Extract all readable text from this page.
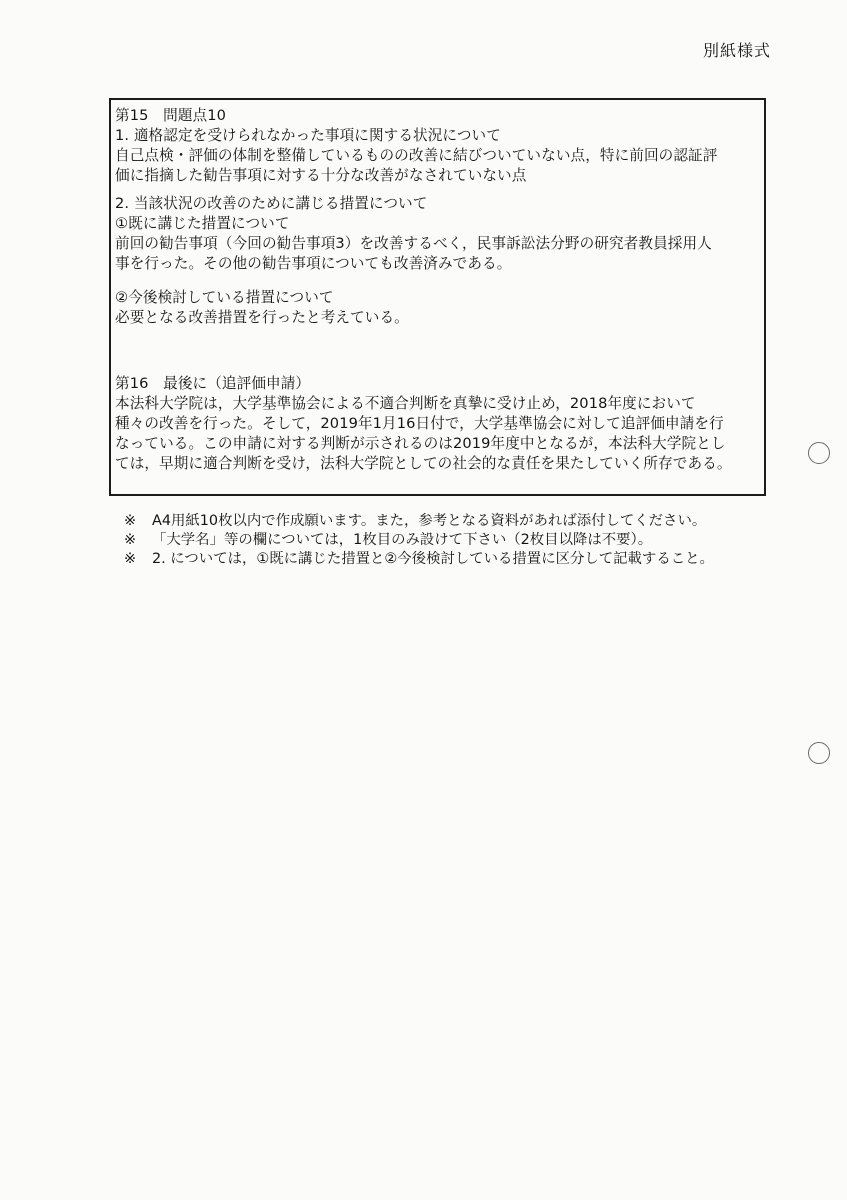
別紙様式
第15　問題点10
1. 適格認定を受けられなかった事項に関する状況について
自己点検・評価の体制を整備しているものの改善に結びついていない点，特に前回の認証評
価に指摘した勧告事項に対する十分な改善がなされていない点
2. 当該状況の改善のために講じる措置について
①既に講じた措置について
前回の勧告事項（今回の勧告事項3）を改善するべく，民事訴訟法分野の研究者教員採用人
事を行った。その他の勧告事項についても改善済みである。
②今後検討している措置について
必要となる改善措置を行ったと考えている。
第16　最後に（追評価申請）
本法科大学院は，大学基準協会による不適合判断を真摯に受け止め，2018年度において
種々の改善を行った。そして，2019年1月16日付で，大学基準協会に対して追評価申請を行
なっている。この申請に対する判断が示されるのは2019年度中となるが，本法科大学院とし
ては，早期に適合判断を受け，法科大学院としての社会的な責任を果たしていく所存である。
※ A4用紙10枚以内で作成願います。また，参考となる資料があれば添付してください。
※ 「大学名」等の欄については，1枚目のみ設けて下さい（2枚目以降は不要）。
※ 2. については，①既に講じた措置と②今後検討している措置に区分して記載すること。
